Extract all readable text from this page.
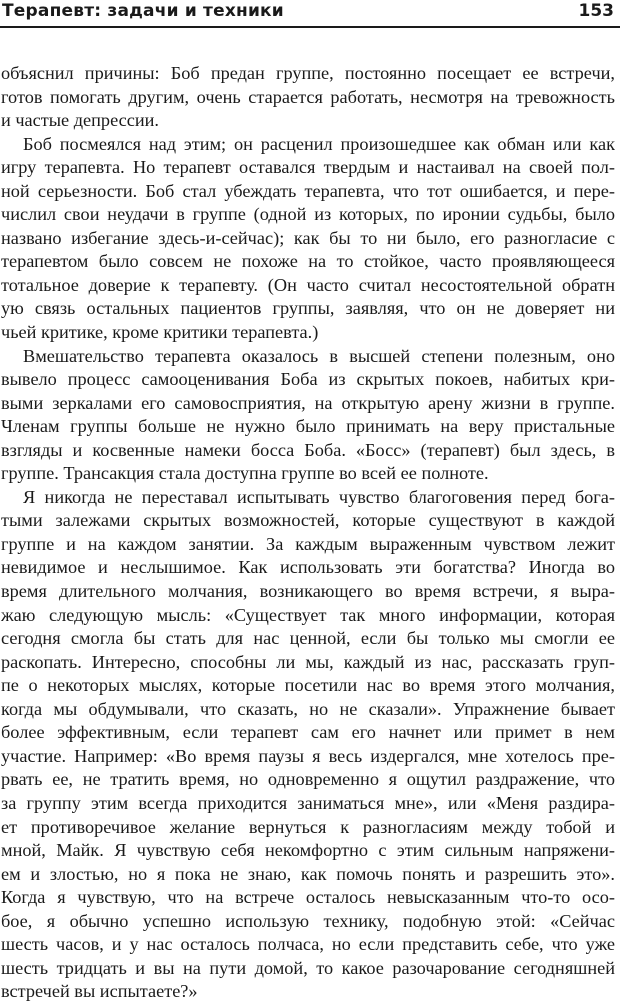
Терапевт: задачи и техники	153
объяснил причины: Боб предан группе, постоянно посещает ее встречи,
готов помогать другим, очень старается работать, несмотря на тревожность
и частые депрессии.
Боб посмеялся над этим; он расценил произошедшее как обман или как
игру терапевта. Но терапевт оставался твердым и настаивал на своей пол-
ной серьезности. Боб стал убеждать терапевта, что тот ошибается, и пере-
числил свои неудачи в группе (одной из которых, по иронии судьбы, было
названо избегание здесь-и-сейчас); как бы то ни было, его разногласие с
терапевтом было совсем не похоже на то стойкое, часто проявляющееся
тотальное доверие к терапевту. (Он часто считал несостоятельной обратн
ую связь остальных пациентов группы, заявляя, что он не доверяет ни
чьей критике, кроме критики терапевта.)
Вмешательство терапевта оказалось в высшей степени полезным, оно
вывело процесс самооценивания Боба из скрытых покоев, набитых кри-
выми зеркалами его самовосприятия, на открытую арену жизни в группе.
Членам группы больше не нужно было принимать на веру пристальные
взгляды и косвенные намеки босса Боба. «Босс» (терапевт) был здесь, в
группе. Трансакция стала доступна группе во всей ее полноте.
Я никогда не переставал испытывать чувство благоговения перед бога-
тыми залежами скрытых возможностей, которые существуют в каждой
группе и на каждом занятии. За каждым выраженным чувством лежит
невидимое и неслышимое. Как использовать эти богатства? Иногда во
время длительного молчания, возникающего во время встречи, я выра-
жаю следующую мысль: «Существует так много информации, которая
сегодня смогла бы стать для нас ценной, если бы только мы смогли ее
раскопать. Интересно, способны ли мы, каждый из нас, рассказать груп-
пе о некоторых мыслях, которые посетили нас во время этого молчания,
когда мы обдумывали, что сказать, но не сказали». Упражнение бывает
более эффективным, если терапевт сам его начнет или примет в нем
участие. Например: «Во время паузы я весь издергался, мне хотелось пре-
рвать ее, не тратить время, но одновременно я ощутил раздражение, что
за группу этим всегда приходится заниматься мне», или «Меня раздира-
ет противоречивое желание вернуться к разногласиям между тобой и
мной, Майк. Я чувствую себя некомфортно с этим сильным напряжени-
ем и злостью, но я пока не знаю, как помочь понять и разрешить это».
Когда я чувствую, что на встрече осталось невысказанным что-то осо-
бое, я обычно успешно использую технику, подобную этой: «Сейчас
шесть часов, и у нас осталось полчаса, но если представить себе, что уже
шесть тридцать и вы на пути домой, то какое разочарование сегодняшней
встречей вы испытаете?»
